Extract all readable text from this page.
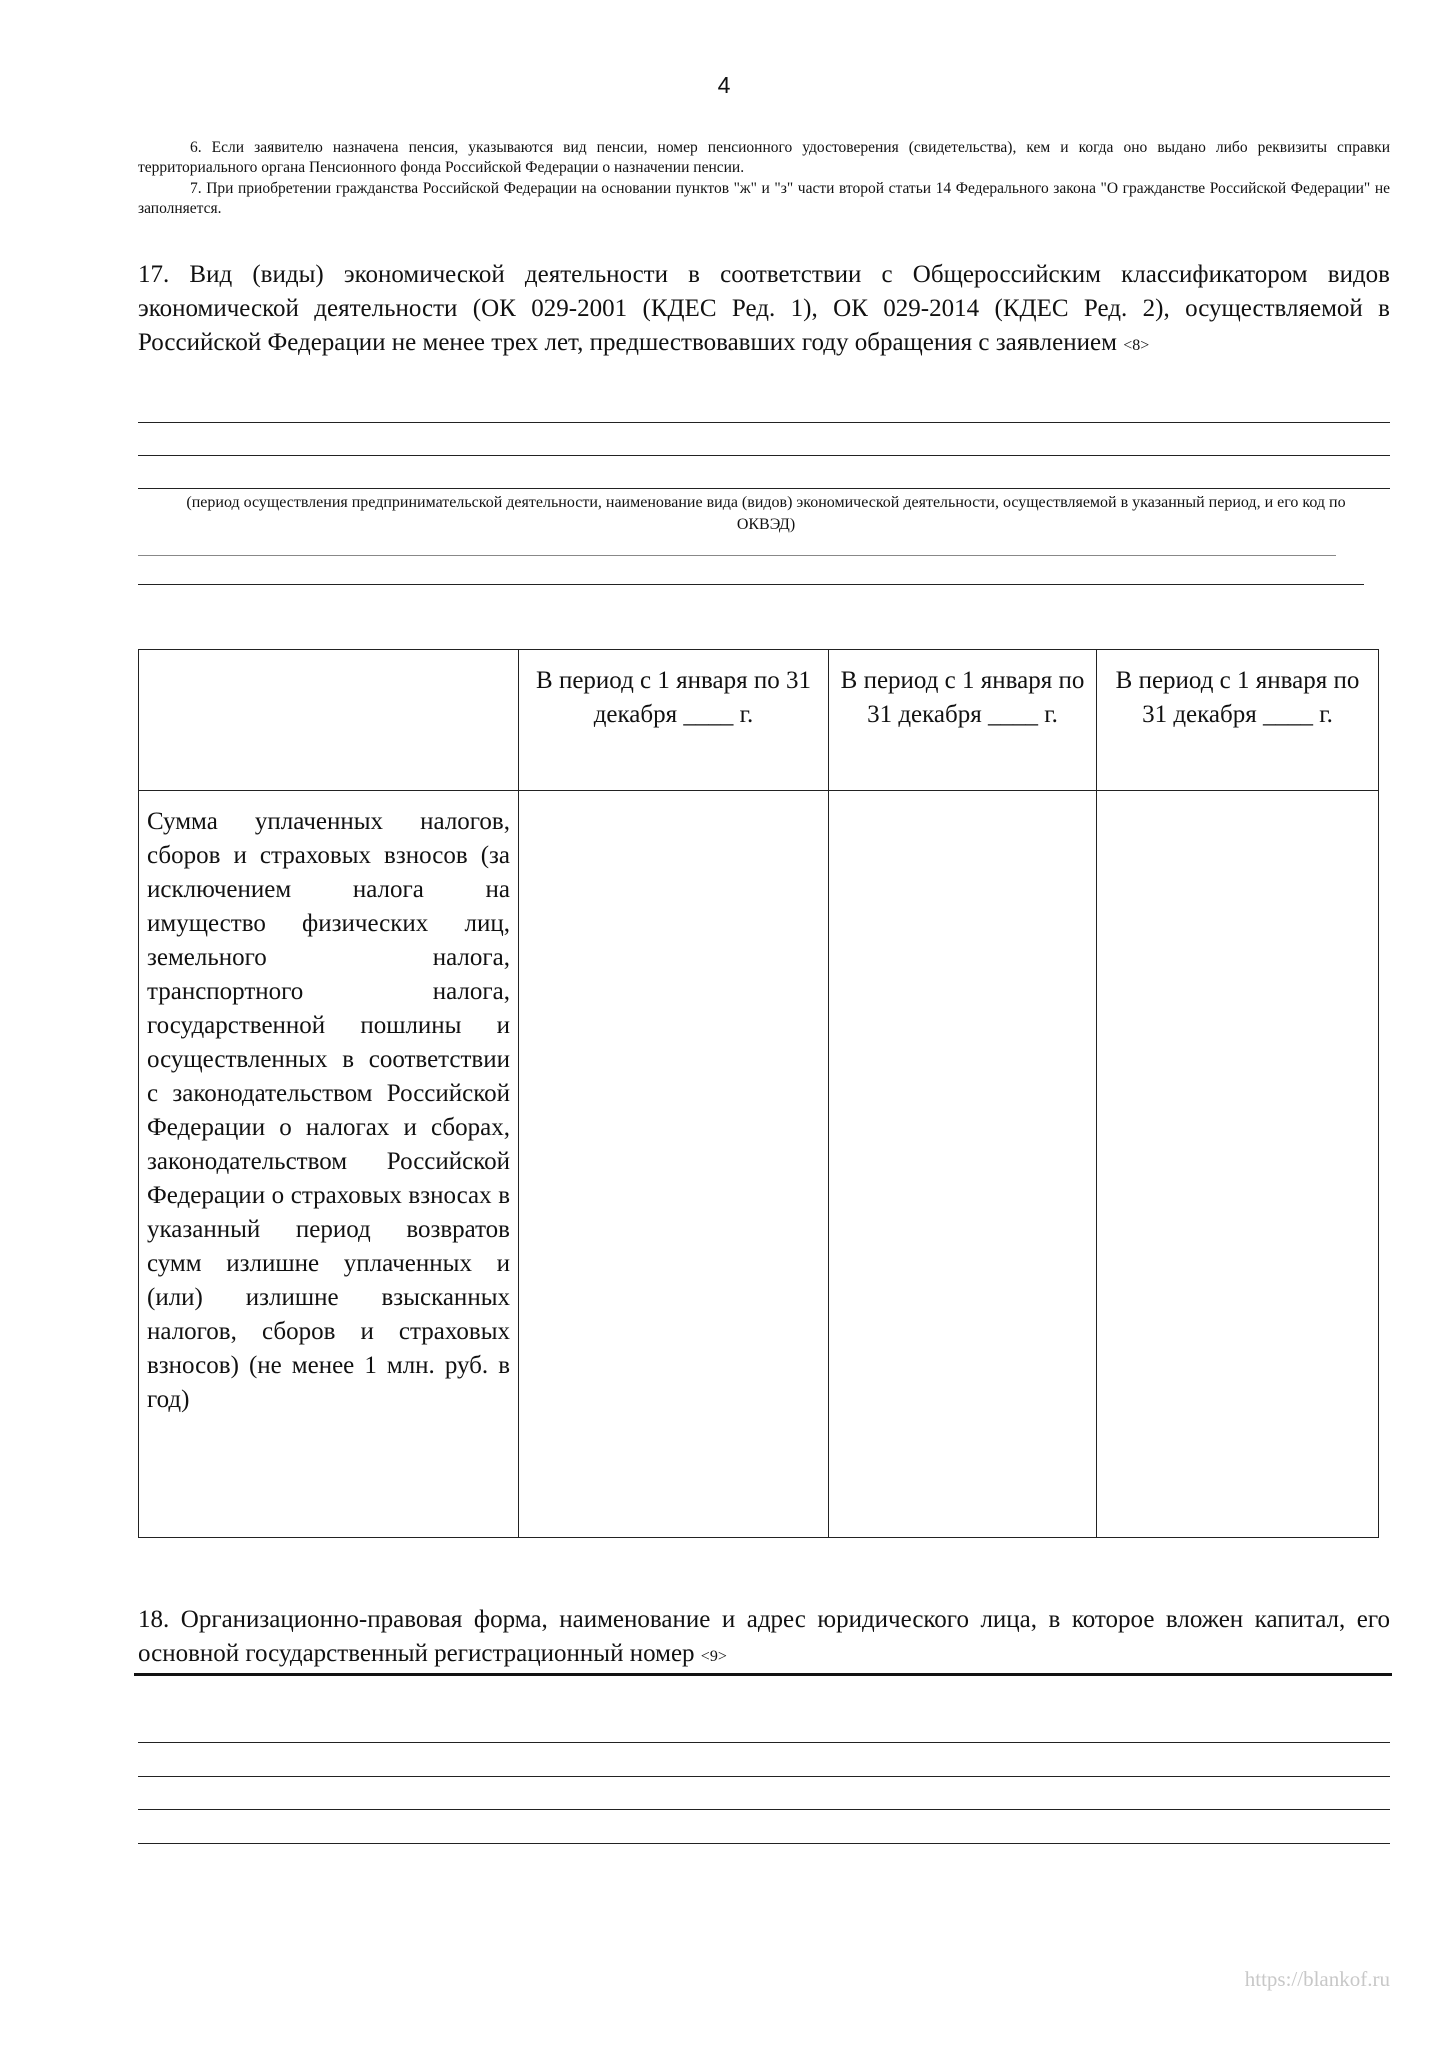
4
6. Если заявителю назначена пенсия, указываются вид пенсии, номер пенсионного удостоверения (свидетельства), кем и когда оно выдано либо реквизиты справки территориального органа Пенсионного фонда Российской Федерации о назначении пенсии.
7. При приобретении гражданства Российской Федерации на основании пунктов "ж" и "з" части второй статьи 14 Федерального закона "О гражданстве Российской Федерации" не заполняется.
17. Вид (виды) экономической деятельности в соответствии с Общероссийским классификатором видов экономической деятельности (ОК 029-2001 (КДЕС Ред. 1), ОК 029-2014 (КДЕС Ред. 2), осуществляемой в Российской Федерации не менее трех лет, предшествовавших году обращения с заявлением <8>
(период осуществления предпринимательской деятельности, наименование вида (видов) экономической деятельности, осуществляемой в указанный период, и его код по ОКВЭД)
	В период с 1 января по 31 декабря ____ г.	В период с 1 января по 31 декабря ____ г.	В период с 1 января по 31 декабря ____ г.
Сумма уплаченных налогов, сборов и страховых взносов (за исключением налога на имущество физических лиц, земельного налога, транспортного налога, государственной пошлины и осуществленных в соответствии с законодательством Российской Федерации о налогах и сборах, законодательством Российской Федерации о страховых взносах в указанный период возвратов сумм излишне уплаченных и (или) излишне взысканных налогов, сборов и страховых взносов) (не менее 1 млн. руб. в год)			
18. Организационно-правовая форма, наименование и адрес юридического лица, в которое вложен капитал, его основной государственный регистрационный номер <9>
https://blankof.ru
